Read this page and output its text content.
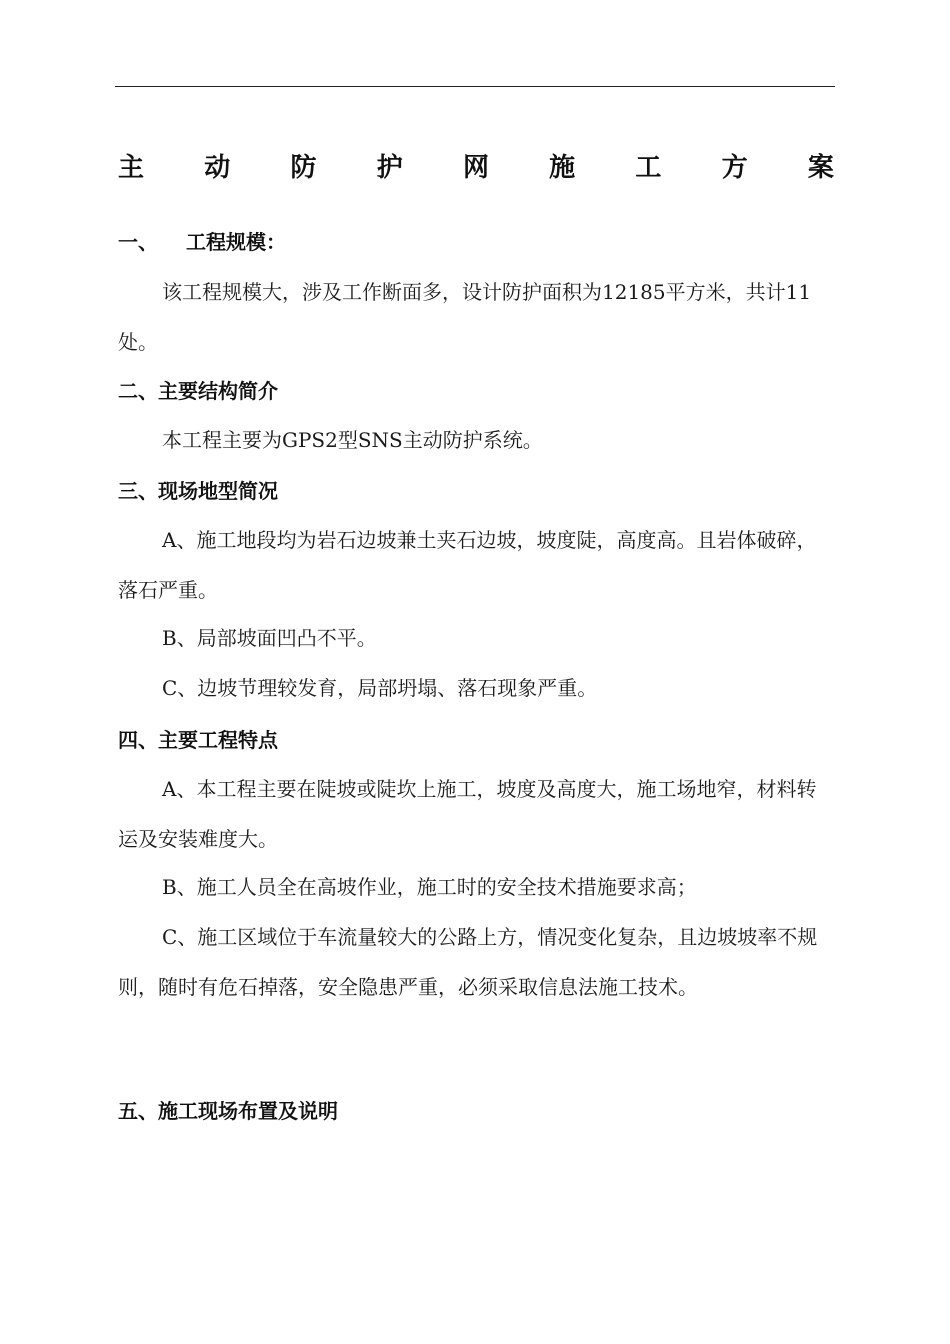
主 动 防 护 网 施 工 方 案
一、 工程规模：
该工程规模大，涉及工作断面多，设计防护面积为12185平方米，共计11处。
二、主要结构简介
本工程主要为GPS2型SNS主动防护系统。
三、现场地型简况
A、施工地段均为岩石边坡兼土夹石边坡，坡度陡，高度高。且岩体破碎，落石严重。
B、局部坡面凹凸不平。
C、边坡节理较发育，局部坍塌、落石现象严重。
四、主要工程特点
A、本工程主要在陡坡或陡坎上施工，坡度及高度大，施工场地窄，材料转运及安装难度大。
B、施工人员全在高坡作业，施工时的安全技术措施要求高；
C、施工区域位于车流量较大的公路上方，情况变化复杂，且边坡坡率不规则，随时有危石掉落，安全隐患严重，必须采取信息法施工技术。
五、施工现场布置及说明
